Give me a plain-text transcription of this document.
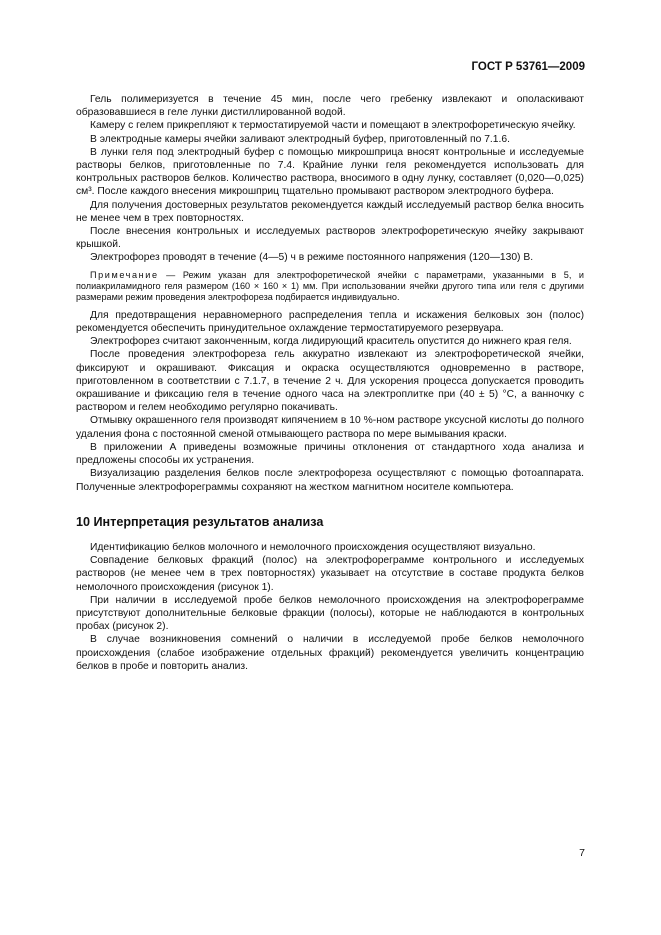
ГОСТ Р 53761—2009

Гель полимеризуется в течение 45 мин, после чего гребенку извлекают и ополаскивают образовавшиеся в геле лунки дистиллированной водой.

Камеру с гелем прикрепляют к термостатируемой части и помещают в электрофоретическую ячейку.

В электродные камеры ячейки заливают электродный буфер, приготовленный по 7.1.6.

В лунки геля под электродный буфер с помощью микрошприца вносят контрольные и исследуемые растворы белков, приготовленные по 7.4. Крайние лунки геля рекомендуется использовать для контрольных растворов белков. Количество раствора, вносимого в одну лунку, составляет (0,020—0,025) см³. После каждого внесения микрошприц тщательно промывают раствором электродного буфера.

Для получения достоверных результатов рекомендуется каждый исследуемый раствор белка вносить не менее чем в трех повторностях.

После внесения контрольных и исследуемых растворов электрофоретическую ячейку закрывают крышкой.

Электрофорез проводят в течение (4—5) ч в режиме постоянного напряжения (120—130) В.

Примечание — Режим указан для электрофоретической ячейки с параметрами, указанными в 5, и полиакриламидного геля размером (160 × 160 × 1) мм. При использовании ячейки другого типа или геля с другими размерами режим проведения электрофореза подбирается индивидуально.

Для предотвращения неравномерного распределения тепла и искажения белковых зон (полос) рекомендуется обеспечить принудительное охлаждение термостатируемого резервуара.

Электрофорез считают законченным, когда лидирующий краситель опустится до нижнего края геля.

После проведения электрофореза гель аккуратно извлекают из электрофоретической ячейки, фиксируют и окрашивают. Фиксация и окраска осуществляются одновременно в растворе, приготовленном в соответствии с 7.1.7, в течение 2 ч. Для ускорения процесса допускается проводить окрашивание и фиксацию геля в течение одного часа на электроплитке при (40 ± 5) °С, а ванночку с раствором и гелем необходимо регулярно покачивать.

Отмывку окрашенного геля производят кипячением в 10 %-ном растворе уксусной кислоты до полного удаления фона с постоянной сменой отмывающего раствора по мере вымывания краски.

В приложении А приведены возможные причины отклонения от стандартного хода анализа и предложены способы их устранения.

Визуализацию разделения белков после электрофореза осуществляют с помощью фотоаппарата. Полученные электрофореграммы сохраняют на жестком магнитном носителе компьютера.

10 Интерпретация результатов анализа

Идентификацию белков молочного и немолочного происхождения осуществляют визуально.

Совпадение белковых фракций (полос) на электрофореграмме контрольного и исследуемых растворов (не менее чем в трех повторностях) указывает на отсутствие в составе продукта белков немолочного происхождения (рисунок 1).

При наличии в исследуемой пробе белков немолочного происхождения на электрофореграмме присутствуют дополнительные белковые фракции (полосы), которые не наблюдаются в контрольных пробах (рисунок 2).

В случае возникновения сомнений о наличии в исследуемой пробе белков немолочного происхождения (слабое изображение отдельных фракций) рекомендуется увеличить концентрацию белков в пробе и повторить анализ.

7
